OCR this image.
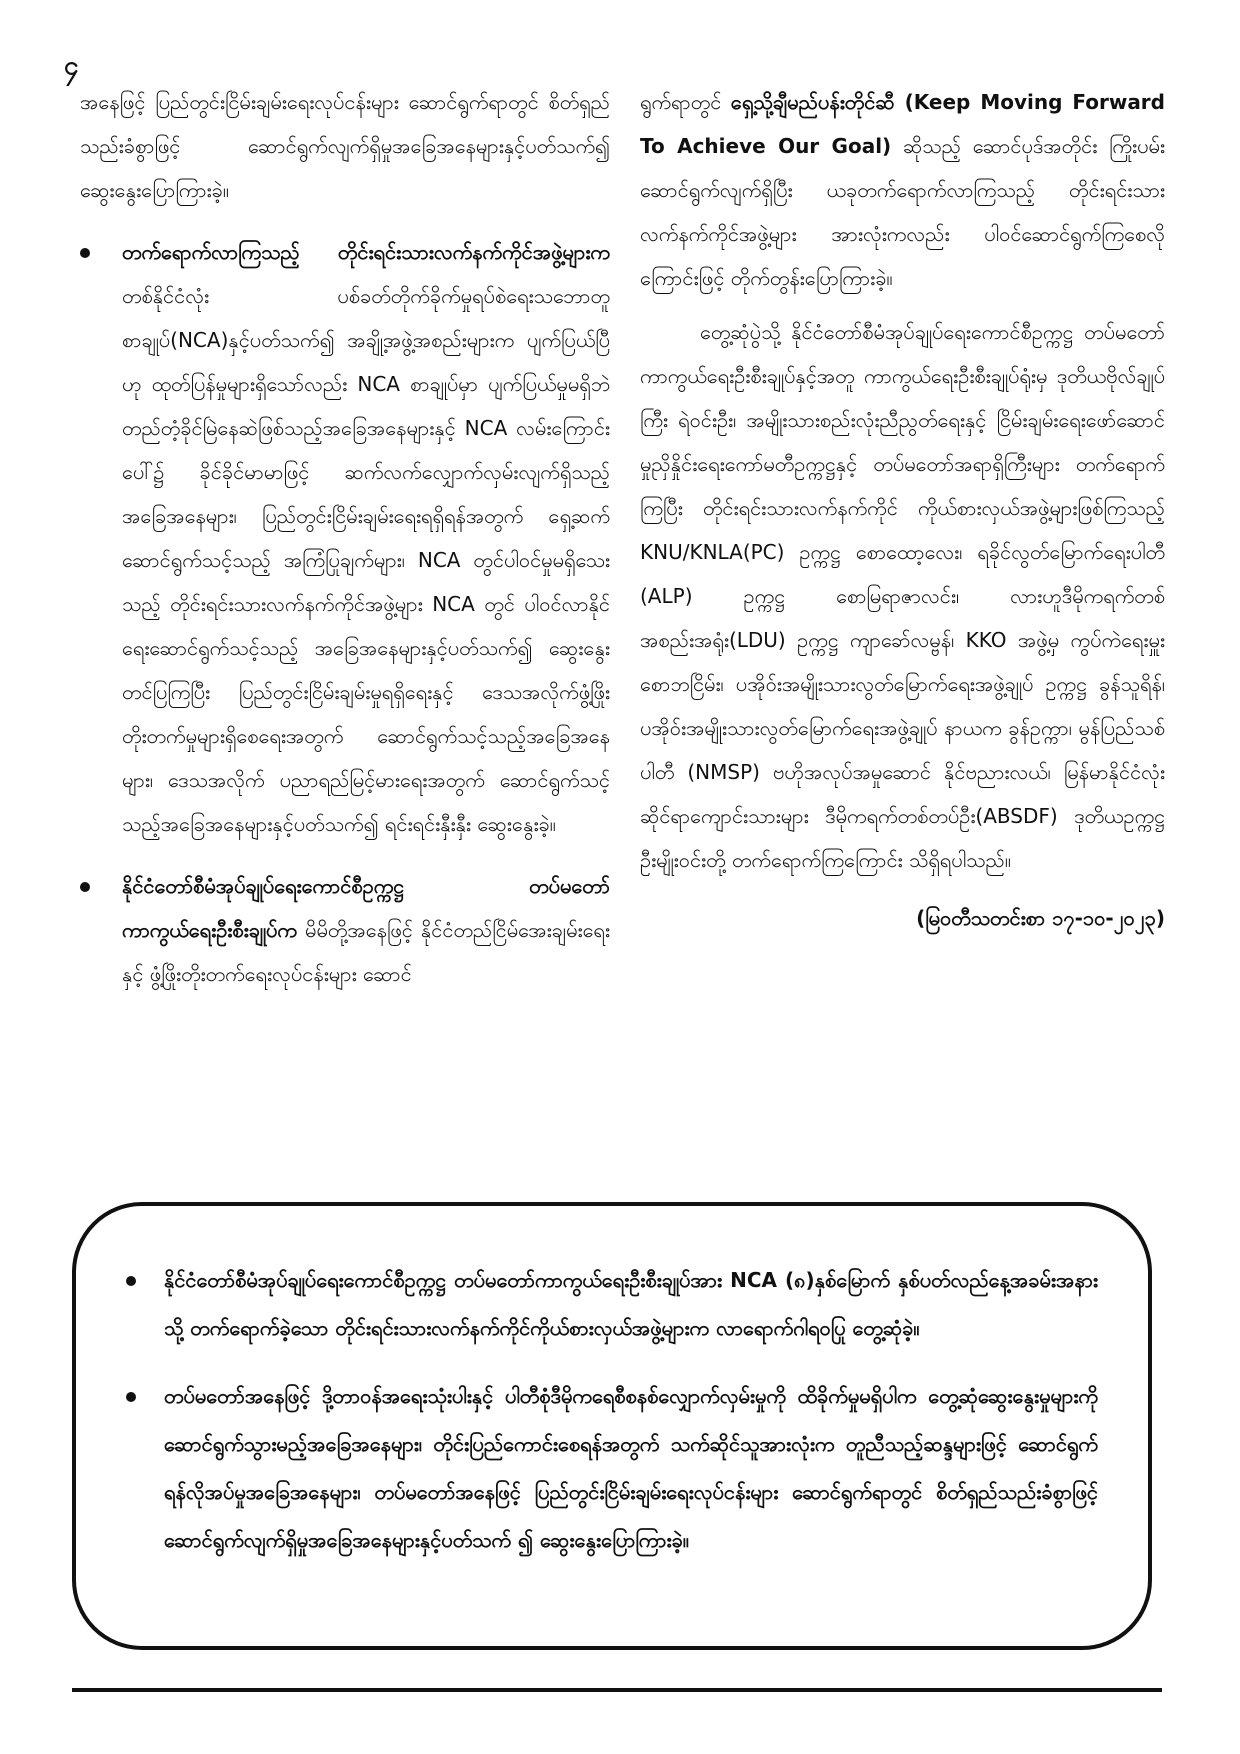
၄

အနေဖြင့် ပြည်တွင်းငြိမ်းချမ်းရေးလုပ်ငန်းများ ဆောင်ရွက်ရာတွင် စိတ်ရှည်သည်းခံစွာဖြင့် ဆောင်ရွက်လျက်ရှိမှုအခြေအနေများနှင့်ပတ်သက်၍ ဆွေးနွေးပြောကြားခဲ့။

တက်ရောက်လာကြသည့် တိုင်းရင်းသားလက်နက်ကိုင်အဖွဲ့များက တစ်နိုင်ငံလုံး ပစ်ခတ်တိုက်ခိုက်မှုရပ်စဲရေးသဘောတူစာချုပ်(NCA)နှင့်ပတ်သက်၍ အချို့အဖွဲ့အစည်းများက ပျက်ပြယ်ပြီဟု ထုတ်ပြန်မှုများရှိသော်လည်း NCA စာချုပ်မှာ ပျက်ပြယ်မှုမရှိဘဲ တည်တံ့ခိုင်မြဲနေဆဲဖြစ်သည့်အခြေအနေများနှင့် NCA လမ်းကြောင်းပေါ်၌ ခိုင်ခိုင်မာမာဖြင့် ဆက်လက်လျှောက်လှမ်းလျက်ရှိသည့် အခြေအနေများ၊ ပြည်တွင်းငြိမ်းချမ်းရေးရရှိရန်အတွက် ရှေ့ဆက်ဆောင်ရွက်သင့်သည့် အကြံပြုချက်များ၊ NCA တွင်ပါဝင်မှုမရှိသေးသည့် တိုင်းရင်းသားလက်နက်ကိုင်အဖွဲ့များ NCA တွင် ပါဝင်လာနိုင်ရေးဆောင်ရွက်သင့်သည့် အခြေအနေများနှင့်ပတ်သက်၍ ဆွေးနွေးတင်ပြကြပြီး ပြည်တွင်းငြိမ်းချမ်းမှုရရှိရေးနှင့် ဒေသအလိုက်ဖွံ့ဖြိုးတိုးတက်မှုများရှိစေရေးအတွက် ဆောင်ရွက်သင့်သည့်အခြေအနေများ၊ ဒေသအလိုက် ပညာရည်မြင့်မားရေးအတွက် ဆောင်ရွက်သင့်သည့်အခြေအနေများနှင့်ပတ်သက်၍ ရင်းရင်းနှီးနှီး ဆွေးနွေးခဲ့။
နိုင်ငံတော်စီမံအုပ်ချုပ်ရေးကောင်စီဥက္ကဋ္ဌ တပ်မတော်ကာကွယ်ရေးဦးစီးချုပ်က မိမိတို့အနေဖြင့် နိုင်ငံတည်ငြိမ်အေးချမ်းရေးနှင့် ဖွံ့ဖြိုးတိုးတက်ရေးလုပ်ငန်းများ ဆောင်

ရွက်ရာတွင် ရှေ့သို့ချီမည်ပန်းတိုင်ဆီ (Keep Moving Forward To Achieve Our Goal) ဆိုသည့် ဆောင်ပုဒ်အတိုင်း ကြိုးပမ်းဆောင်ရွက်လျက်ရှိပြီး ယခုတက်ရောက်လာကြသည့် တိုင်းရင်းသားလက်နက်ကိုင်အဖွဲ့များ အားလုံးကလည်း ပါဝင်ဆောင်ရွက်ကြစေလိုကြောင်းဖြင့် တိုက်တွန်းပြောကြားခဲ့။

တွေ့ဆုံပွဲသို့ နိုင်ငံတော်စီမံအုပ်ချုပ်ရေးကောင်စီဥက္ကဋ္ဌ တပ်မတော်ကာကွယ်ရေးဦးစီးချုပ်နှင့်အတူ ကာကွယ်ရေးဦးစီးချုပ်ရုံးမှ ဒုတိယဗိုလ်ချုပ်ကြီး ရဲဝင်းဦး၊ အမျိုးသားစည်းလုံးညီညွတ်ရေးနှင့် ငြိမ်းချမ်းရေးဖော်ဆောင်မှုညှိနှိုင်းရေးကော်မတီဥက္ကဋ္ဌနှင့် တပ်မတော်အရာရှိကြီးများ တက်ရောက်ကြပြီး တိုင်းရင်းသားလက်နက်ကိုင် ကိုယ်စားလှယ်အဖွဲ့များဖြစ်ကြသည့် KNU/KNLA(PC) ဥက္ကဋ္ဌ စောထော့လေး၊ ရခိုင်လွတ်မြောက်ရေးပါတီ (ALP) ဥက္ကဋ္ဌ စောမြရာဇာလင်း၊ လားဟူဒီမိုကရက်တစ်အစည်းအရုံး(LDU) ဥက္ကဋ္ဌ ကျာခော်လမ္ဗန်၊ KKO အဖွဲ့မှ ကွပ်ကဲရေးမှူး စောဘငြိမ်း၊ ပအိုဝ်းအမျိုးသားလွတ်မြောက်ရေးအဖွဲ့ချုပ် ဥက္ကဋ္ဌ ခွန်သူရိန်၊ ပအိုဝ်းအမျိုးသားလွတ်မြောက်ရေးအဖွဲ့ချုပ် နာယက ခွန်ဥက္ကာ၊ မွန်ပြည်သစ်ပါတီ (NMSP) ဗဟိုအလုပ်အမှုဆောင် နိုင်ဗညားလယ်၊ မြန်မာနိုင်ငံလုံးဆိုင်ရာကျောင်းသားများ ဒီမိုကရက်တစ်တပ်ဦး(ABSDF) ဒုတိယဥက္ကဋ္ဌ ဦးမျိုးဝင်းတို့ တက်ရောက်ကြကြောင်း သိရှိရပါသည်။

(မြဝတီသတင်းစာ ၁၇-၁၀-၂၀၂၃)

နိုင်ငံတော်စီမံအုပ်ချုပ်ရေးကောင်စီဥက္ကဋ္ဌ တပ်မတော်ကာကွယ်ရေးဦးစီးချုပ်အား NCA (၈)နှစ်မြောက် နှစ်ပတ်လည်နေ့အခမ်းအနားသို့ တက်ရောက်ခဲ့သော တိုင်းရင်းသားလက်နက်ကိုင်ကိုယ်စားလှယ်အဖွဲ့များက လာရောက်ဂါရဝပြု တွေ့ဆုံခဲ့။
တပ်မတော်အနေဖြင့် ဒို့တာဝန်အရေးသုံးပါးနှင့် ပါတီစုံဒီမိုကရေစီစနစ်လျှောက်လှမ်းမှုကို ထိခိုက်မှုမရှိပါက တွေ့ဆုံဆွေးနွေးမှုများကို ဆောင်ရွက်သွားမည့်အခြေအနေများ၊ တိုင်းပြည်ကောင်းစေရန်အတွက် သက်ဆိုင်သူအားလုံးက တူညီသည့်ဆန္ဒများဖြင့် ဆောင်ရွက်ရန်လိုအပ်မှုအခြေအနေများ၊ တပ်မတော်အနေဖြင့် ပြည်တွင်းငြိမ်းချမ်းရေးလုပ်ငန်းများ ဆောင်ရွက်ရာတွင် စိတ်ရှည်သည်းခံစွာဖြင့် ဆောင်ရွက်လျက်ရှိမှုအခြေအနေများနှင့်ပတ်သက် ၍ ဆွေးနွေးပြောကြားခဲ့။
